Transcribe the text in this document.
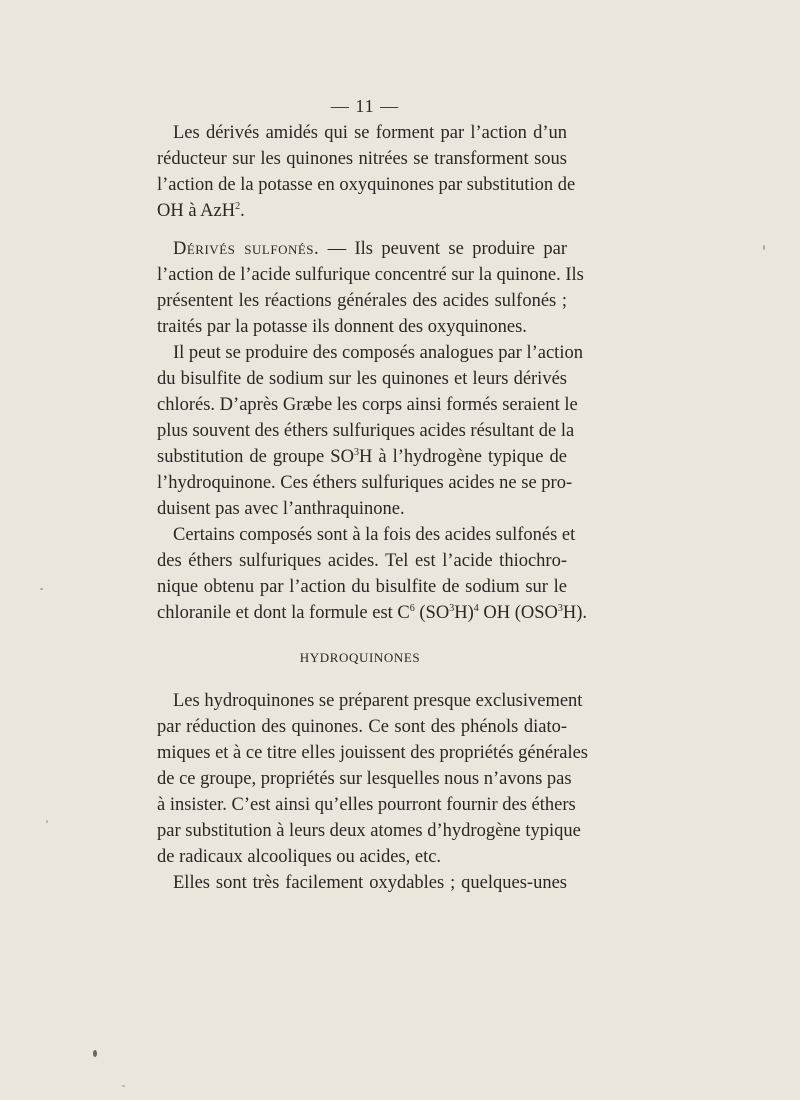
— 11 —
Les dérivés amidés qui se forment par l’action d’un
réducteur sur les quinones nitrées se transforment sous
l’action de la potasse en oxyquinones par substitution de
OH à AzH$^2$.
Dérivés sulfonés. — Ils peuvent se produire par
l’action de l’acide sulfurique concentré sur la quinone. Ils
présentent les réactions générales des acides sulfonés ;
traités par la potasse ils donnent des oxyquinones.
Il peut se produire des composés analogues par l’action
du bisulfite de sodium sur les quinones et leurs dérivés
chlorés. D’après Græbe les corps ainsi formés seraient le
plus souvent des éthers sulfuriques acides résultant de la
substitution de groupe $SO^3H$ à l’hydrogène typique de
l’hydroquinone. Ces éthers sulfuriques acides ne se pro-
duisent pas avec l’anthraquinone.
Certains composés sont à la fois des acides sulfonés et
des éthers sulfuriques acides. Tel est l’acide thiochro-
nique obtenu par l’action du bisulfite de sodium sur le
chloranile et dont la formule est $C^6$ $(SO^3H)^4$ OH (OSO$^3$H).
HYDROQUINONES
Les hydroquinones se préparent presque exclusivement
par réduction des quinones. Ce sont des phénols diato-
miques et à ce titre elles jouissent des propriétés générales
de ce groupe, propriétés sur lesquelles nous n’avons pas
à insister. C’est ainsi qu’elles pourront fournir des éthers
par substitution à leurs deux atomes d’hydrogène typique
de radicaux alcooliques ou acides, etc.
Elles sont très facilement oxydables ; quelques-unes
